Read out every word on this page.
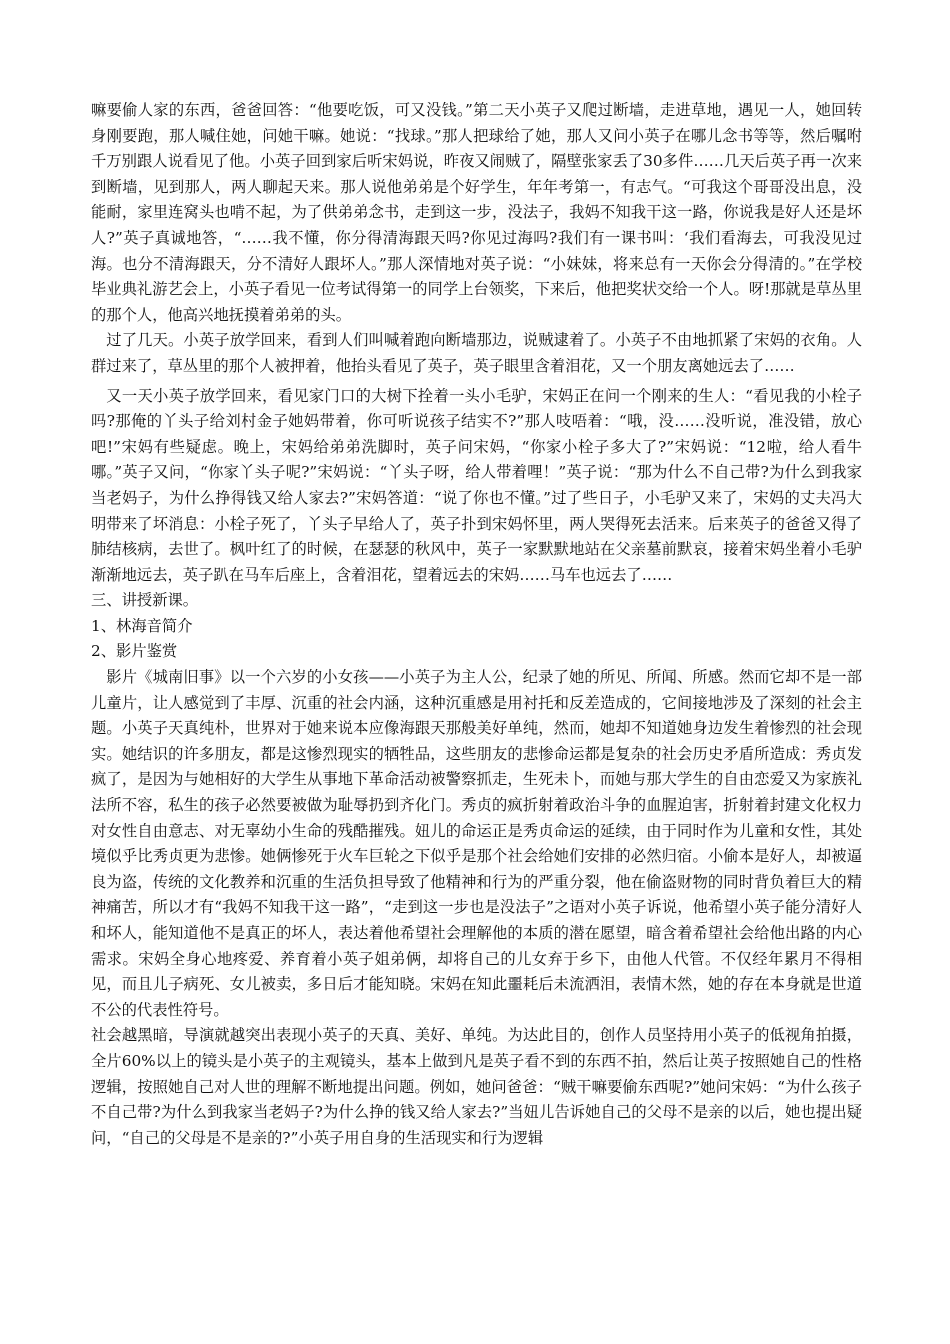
嘛要偷人家的东西，爸爸回答：“他要吃饭，可又没钱。”第二天小英子又爬过断墙，走进草地，遇见一人，她回转身刚要跑，那人喊住她，问她干嘛。她说：“找球。”那人把球给了她，那人又问小英子在哪儿念书等等，然后嘱咐千万别跟人说看见了他。小英子回到家后听宋妈说，昨夜又闹贼了，隔壁张家丢了30多件……几天后英子再一次来到断墙，见到那人，两人聊起天来。那人说他弟弟是个好学生，年年考第一，有志气。“可我这个哥哥没出息，没能耐，家里连窝头也啃不起，为了供弟弟念书，走到这一步，没法子，我妈不知我干这一路，你说我是好人还是坏人?”英子真诚地答，“……我不懂，你分得清海跟天吗?你见过海吗?我们有一课书叫：‘我们看海去，可我没见过海。也分不清海跟天，分不清好人跟坏人。”那人深情地对英子说：“小妹妹，将来总有一天你会分得清的。”在学校毕业典礼游艺会上，小英子看见一位考试得第一的同学上台领奖，下来后，他把奖状交给一个人。呀!那就是草丛里的那个人，他高兴地抚摸着弟弟的头。

过了几天。小英子放学回来，看到人们叫喊着跑向断墙那边，说贼逮着了。小英子不由地抓紧了宋妈的衣角。人群过来了，草丛里的那个人被押着，他抬头看见了英子，英子眼里含着泪花，又一个朋友离她远去了……

又一天小英子放学回来，看见家门口的大树下拴着一头小毛驴，宋妈正在问一个刚来的生人：“看见我的小栓子吗?那俺的丫头子给刘村金子她妈带着，你可听说孩子结实不?”那人吱唔着：“哦，没……没听说，准没错，放心吧!”宋妈有些疑虑。晚上，宋妈给弟弟洗脚时，英子问宋妈，“你家小栓子多大了?”宋妈说：“12啦，给人看牛哪。”英子又问，“你家丫头子呢?”宋妈说：“丫头子呀，给人带着哩！”英子说：“那为什么不自己带?为什么到我家当老妈子，为什么挣得钱又给人家去?”宋妈答道：“说了你也不懂。”过了些日子，小毛驴又来了，宋妈的丈夫冯大明带来了坏消息：小栓子死了，丫头子早给人了，英子扑到宋妈怀里，两人哭得死去活来。后来英子的爸爸又得了肺结核病，去世了。枫叶红了的时候，在瑟瑟的秋风中，英子一家默默地站在父亲墓前默哀，接着宋妈坐着小毛驴渐渐地远去，英子趴在马车后座上，含着泪花，望着远去的宋妈……马车也远去了……

三、讲授新课。

1、林海音简介

2、影片鉴赏

影片《城南旧事》以一个六岁的小女孩——小英子为主人公，纪录了她的所见、所闻、所感。然而它却不是一部儿童片，让人感觉到了丰厚、沉重的社会内涵，这种沉重感是用衬托和反差造成的，它间接地涉及了深刻的社会主题。小英子天真纯朴，世界对于她来说本应像海跟天那般美好单纯，然而，她却不知道她身边发生着惨烈的社会现实。她结识的许多朋友，都是这惨烈现实的牺牲品，这些朋友的悲惨命运都是复杂的社会历史矛盾所造成：秀贞发疯了，是因为与她相好的大学生从事地下革命活动被警察抓走，生死未卜，而她与那大学生的自由恋爱又为家族礼法所不容，私生的孩子必然要被做为耻辱扔到齐化门。秀贞的疯折射着政治斗争的血腥迫害，折射着封建文化权力对女性自由意志、对无辜幼小生命的残酷摧残。妞儿的命运正是秀贞命运的延续，由于同时作为儿童和女性，其处境似乎比秀贞更为悲惨。她俩惨死于火车巨轮之下似乎是那个社会给她们安排的必然归宿。小偷本是好人，却被逼良为盗，传统的文化教养和沉重的生活负担导致了他精神和行为的严重分裂，他在偷盗财物的同时背负着巨大的精神痛苦，所以才有“我妈不知我干这一路”，“走到这一步也是没法子”之语对小英子诉说，他希望小英子能分清好人和坏人，能知道他不是真正的坏人，表达着他希望社会理解他的本质的潜在愿望，暗含着希望社会给他出路的内心需求。宋妈全身心地疼爱、养育着小英子姐弟俩，却将自己的儿女弃于乡下，由他人代管。不仅经年累月不得相见，而且儿子病死、女儿被卖，多日后才能知晓。宋妈在知此噩耗后未流洒泪，表情木然，她的存在本身就是世道不公的代表性符号。

社会越黑暗，导演就越突出表现小英子的天真、美好、单纯。为达此目的，创作人员坚持用小英子的低视角拍摄，全片60%以上的镜头是小英子的主观镜头，基本上做到凡是英子看不到的东西不拍，然后让英子按照她自己的性格逻辑，按照她自己对人世的理解不断地提出问题。例如，她问爸爸：“贼干嘛要偷东西呢?”她问宋妈：“为什么孩子不自己带?为什么到我家当老妈子?为什么挣的钱又给人家去?”当妞儿告诉她自己的父母不是亲的以后，她也提出疑问，“自己的父母是不是亲的?”小英子用自身的生活现实和行为逻辑
